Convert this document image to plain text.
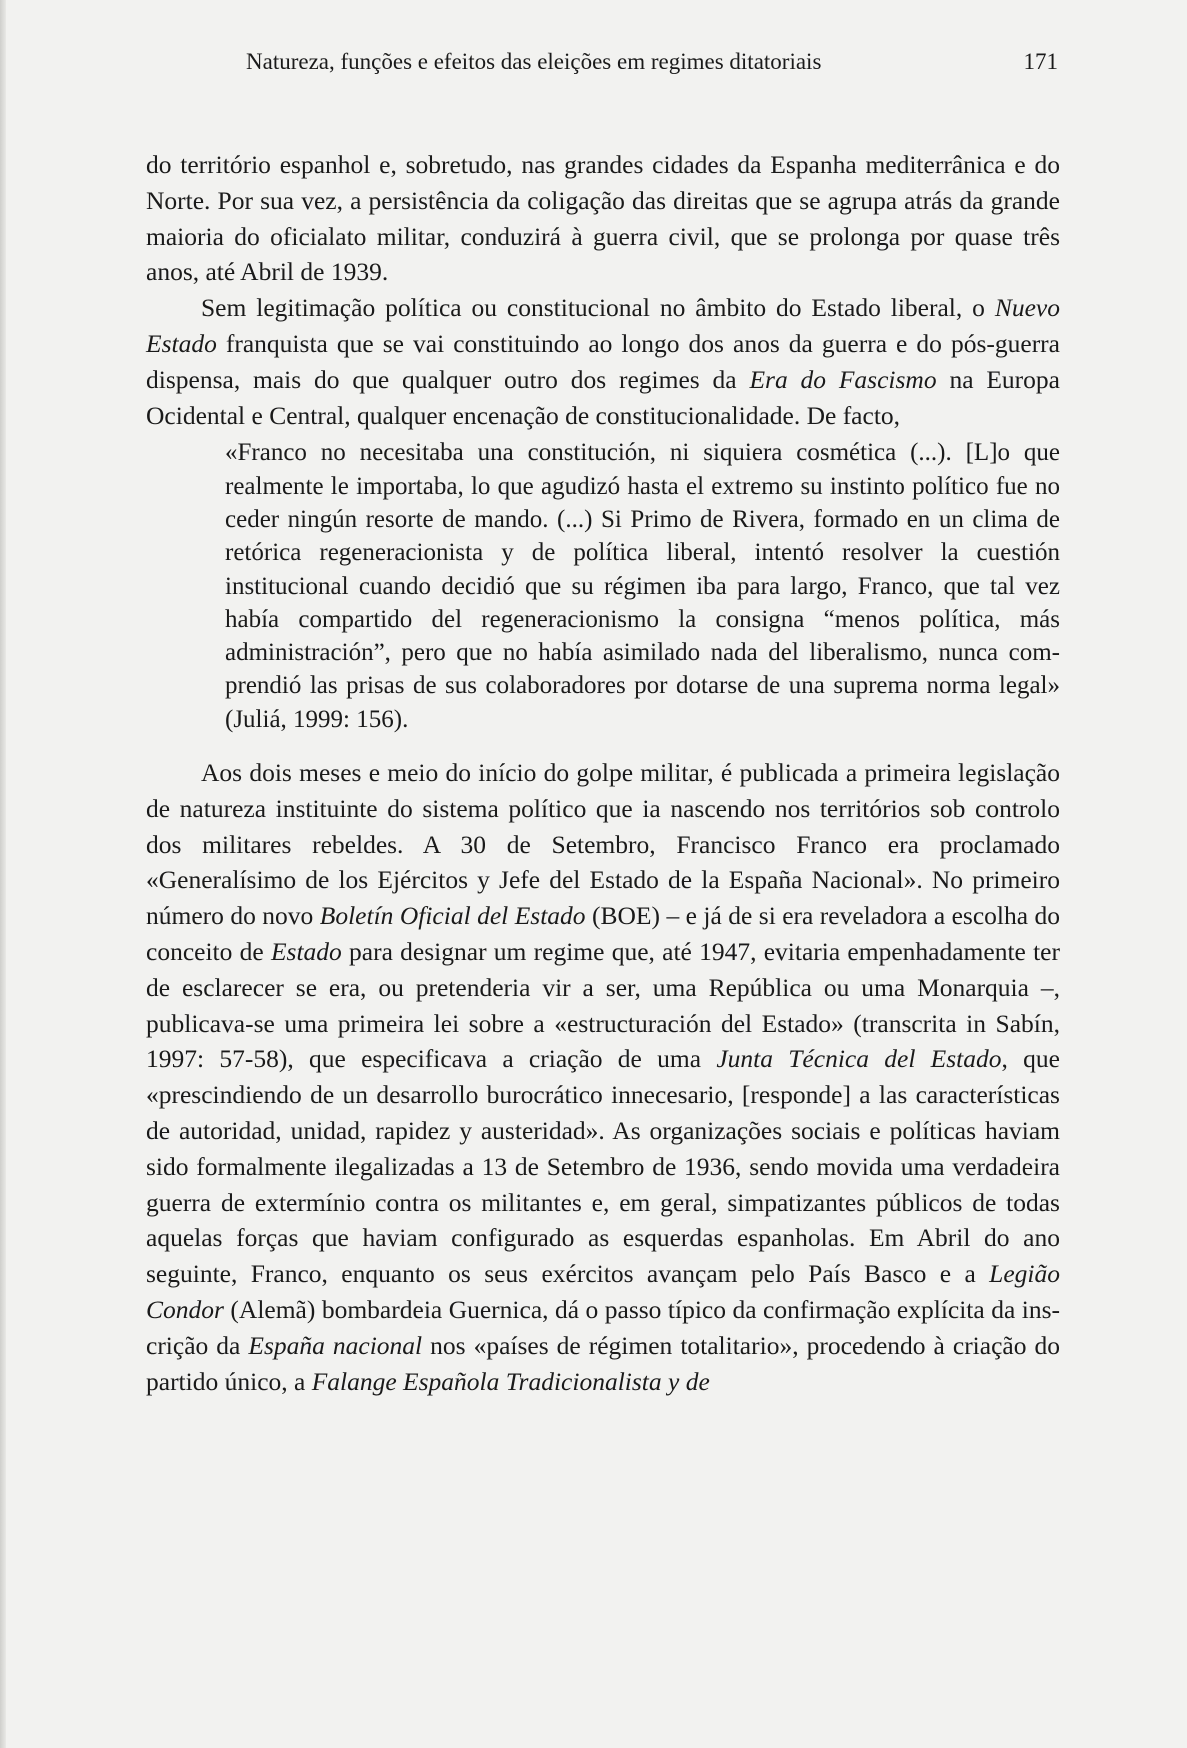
Natureza, funções e efeitos das eleições em regimes ditatoriais	171

do território espanhol e, sobretudo, nas grandes cidades da Espanha mediterrânica e do Norte. Por sua vez, a persistência da coligação das direitas que se agrupa atrás da grande maioria do oficialato militar, conduzirá à guerra civil, que se prolonga por quase três anos, até Abril de 1939.

Sem legitimação política ou constitucional no âmbito do Estado liberal, o Nuevo Estado franquista que se vai constituindo ao longo dos anos da guerra e do pós-guerra dispensa, mais do que qualquer outro dos regimes da Era do Fascismo na Europa Ocidental e Central, qualquer encenação de constitucionalidade. De facto,

«Franco no necesitaba una constitución, ni siquiera cosmética (...). [L]o que realmente le importaba, lo que agudizó hasta el extremo su instinto político fue no ceder ningún resorte de mando. (...) Si Primo de Rivera, formado en un clima de retórica regeneracionista y de política liberal, intentó resolver la cuestión institucional cuando decidió que su régimen iba para largo, Franco, que tal vez había compartido del regeneracionismo la consigna “menos política, más administración”, pero que no había asimilado nada del liberalismo, nunca comprendió las prisas de sus colaboradores por dotarse de una suprema norma legal» (Juliá, 1999: 156).

Aos dois meses e meio do início do golpe militar, é publicada a primeira legislação de natureza instituinte do sistema político que ia nascendo nos territórios sob controlo dos militares rebeldes. A 30 de Setembro, Francisco Franco era proclamado «Generalísimo de los Ejércitos y Jefe del Estado de la España Nacional». No primeiro número do novo Boletín Oficial del Estado (BOE) – e já de si era reveladora a escolha do conceito de Estado para designar um regime que, até 1947, evitaria empenhadamente ter de esclarecer se era, ou pretenderia vir a ser, uma República ou uma Monarquia –, publicava-se uma primeira lei sobre a «estructuración del Estado» (transcrita in Sabín, 1997: 57-58), que especificava a criação de uma Junta Técnica del Estado, que «prescindiendo de un desarrollo burocrático innecesario, [responde] a las características de autoridad, unidad, rapidez y austeridad». As organizações sociais e políticas haviam sido formalmente ilegalizadas a 13 de Setembro de 1936, sendo movida uma verdadeira guerra de extermínio contra os militantes e, em geral, simpatizantes públicos de todas aquelas forças que haviam configurado as esquerdas espanholas. Em Abril do ano seguinte, Franco, enquanto os seus exércitos avançam pelo País Basco e a Legião Condor (Alemã) bombardeia Guernica, dá o passo típico da confirmação explícita da inscrição da España nacional nos «países de régimen totalitario», procedendo à criação do partido único, a Falange Española Tradicionalista y de
